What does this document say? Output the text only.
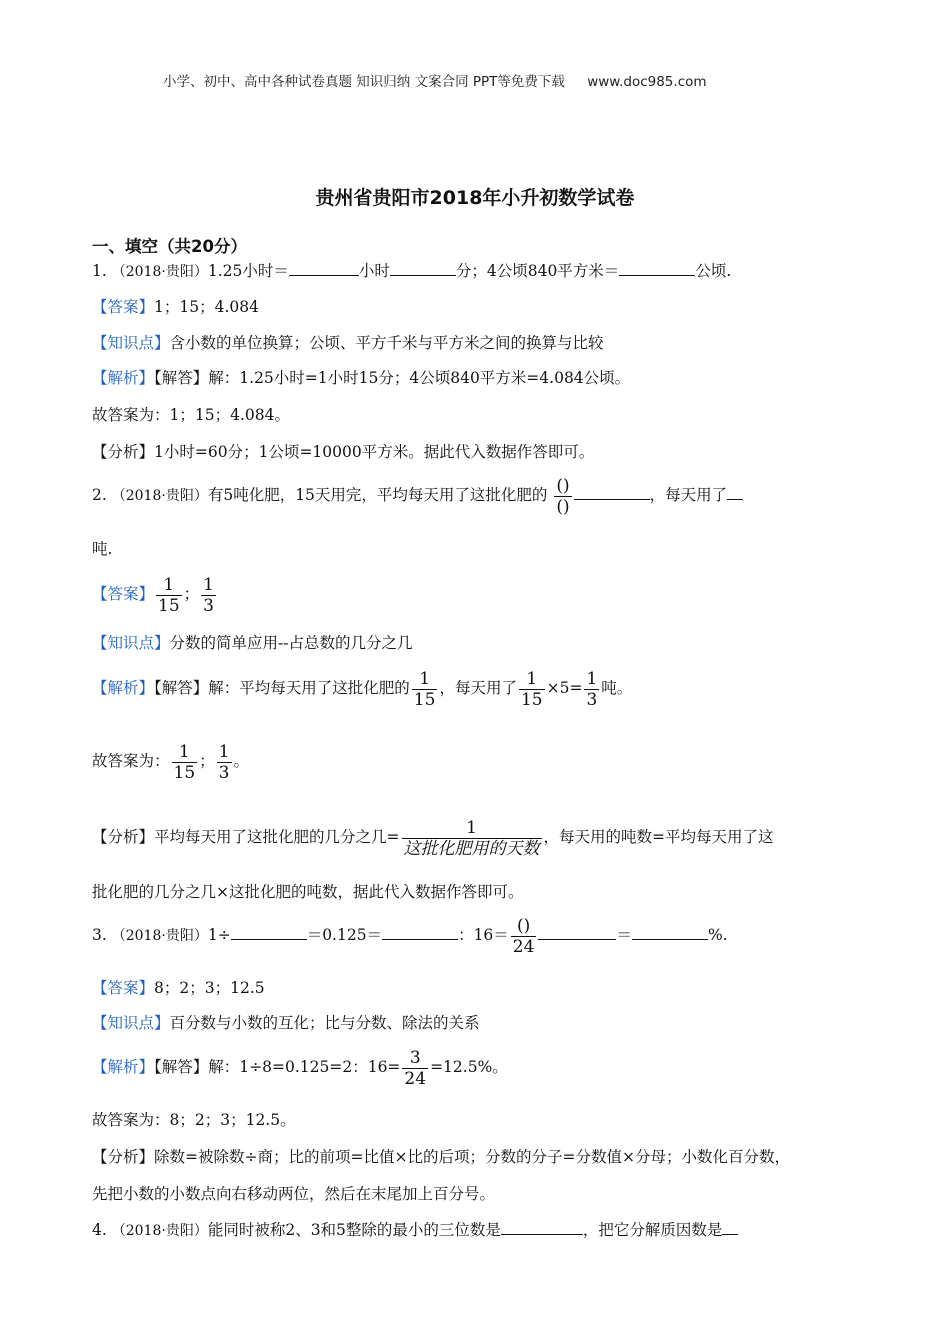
小学、初中、高中各种试卷真题 知识归纳 文案合同 PPT等免费下载 www.doc985.com
贵州省贵阳市2018年小升初数学试卷
一、填空（共20分）
1. （2018·贵阳）1.25小时＝	小时	分；4公顷840平方米＝	公顷.
【答案】1；15；4.084
【知识点】含小数的单位换算；公顷、平方千米与平方米之间的换算与比较
【解析】【解答】解：1.25小时=1小时15分；4公顷840平方米=4.084公顷。
故答案为：1；15；4.084。
【分析】1小时=60分；1公顷=10000平方米。据此代入数据作答即可。
2. （2018·贵阳）有5吨化肥，15天用完，平均每天用了这批化肥的 $\frac{()}{()}$	，每天用了
吨.
【答案】 $\frac{1}{15}$ ； $\frac{1}{3}$
【知识点】分数的简单应用--占总数的几分之几
【解析】【解答】解：平均每天用了这批化肥的 $\frac{1}{15}$ ，每天用了 $\frac{1}{15} \times 5= \frac{1}{3}$ 吨。
故答案为： $\frac{1}{15}$ ； $\frac{1}{3}$ 。
【分析】平均每天用了这批化肥的几分之几= $\frac{1}{\text{这批化肥用的天数}}$ ，每天用的吨数=平均每天用了这
批化肥的几分之几×这批化肥的吨数，据此代入数据作答即可。
3. （2018·贵阳）1÷	＝0.125＝	：$16= \frac{()}{24}$	＝	%.
【答案】8；2；3；12.5
【知识点】百分数与小数的互化；比与分数、除法的关系
【解析】【解答】解：1÷8=0.125=2：$16= \frac{3}{24} =12.5\%$。
故答案为：8；2；3；12.5。
【分析】除数=被除数÷商；比的前项=比值×比的后项；分数的分子=分数值×分母；小数化百分数，
先把小数的小数点向右移动两位，然后在末尾加上百分号。
4. （2018·贵阳）能同时被称2、3和5整除的最小的三位数是	，把它分解质因数是
